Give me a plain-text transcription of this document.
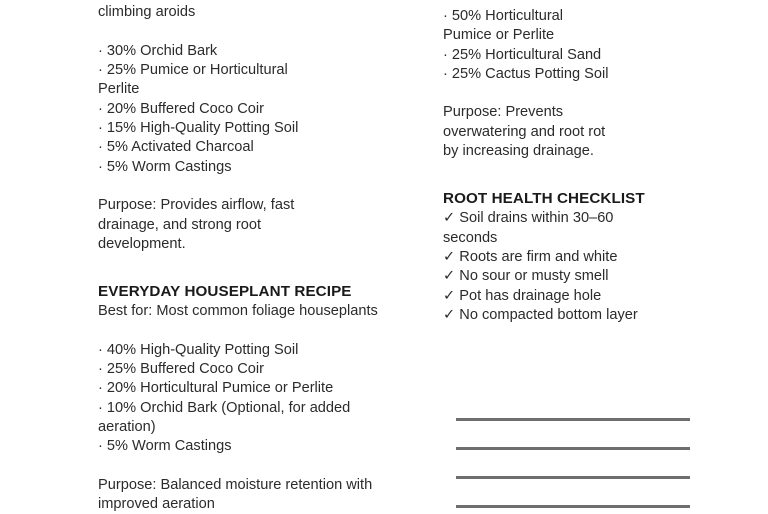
climbing aroids
· 30% Orchid Bark
· 25% Pumice or Horticultural
Perlite
· 20% Buffered Coco Coir
· 15% High-Quality Potting Soil
· 5% Activated Charcoal
· 5% Worm Castings
Purpose: Provides airflow, fast
drainage, and strong root
development.
EVERYDAY HOUSEPLANT RECIPE
Best for: Most common foliage houseplants
· 40% High-Quality Potting Soil
· 25% Buffered Coco Coir
· 20% Horticultural Pumice or Perlite
· 10% Orchid Bark (Optional, for added
aeration)
· 5% Worm Castings
Purpose: Balanced moisture retention with
improved aeration
· 50% Horticultural
Pumice or Perlite
· 25% Horticultural Sand
· 25% Cactus Potting Soil
Purpose: Prevents
overwatering and root rot
by increasing drainage.
ROOT HEALTH CHECKLIST
✓ Soil drains within 30–60
seconds
✓ Roots are firm and white
✓ No sour or musty smell
✓ Pot has drainage hole
✓ No compacted bottom layer
